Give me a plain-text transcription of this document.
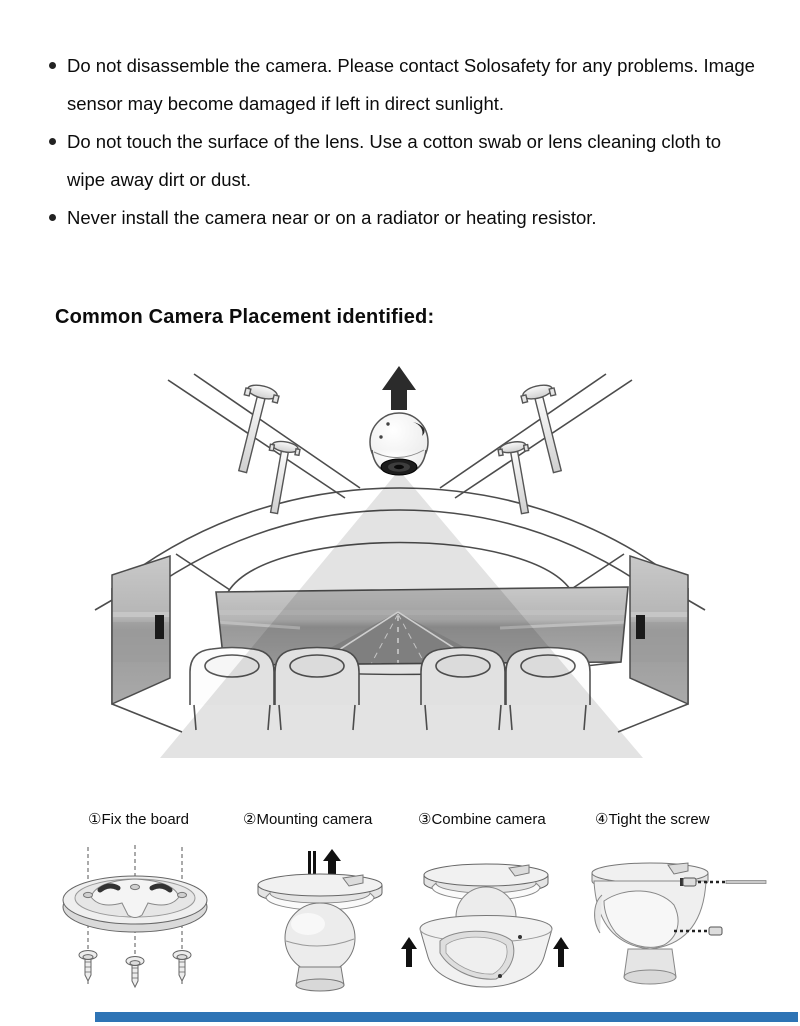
Do not disassemble the camera. Please contact Solosafety for any problems. Image sensor may become damaged if left in direct sunlight.
Do not touch the surface of the lens. Use a cotton swab or lens cleaning cloth to wipe away dirt or dust.
Never install the camera near or on a radiator or heating resistor.
Common Camera Placement identified:
①Fix the board	②Mounting camera	③Combine camera	④Tight the screw
